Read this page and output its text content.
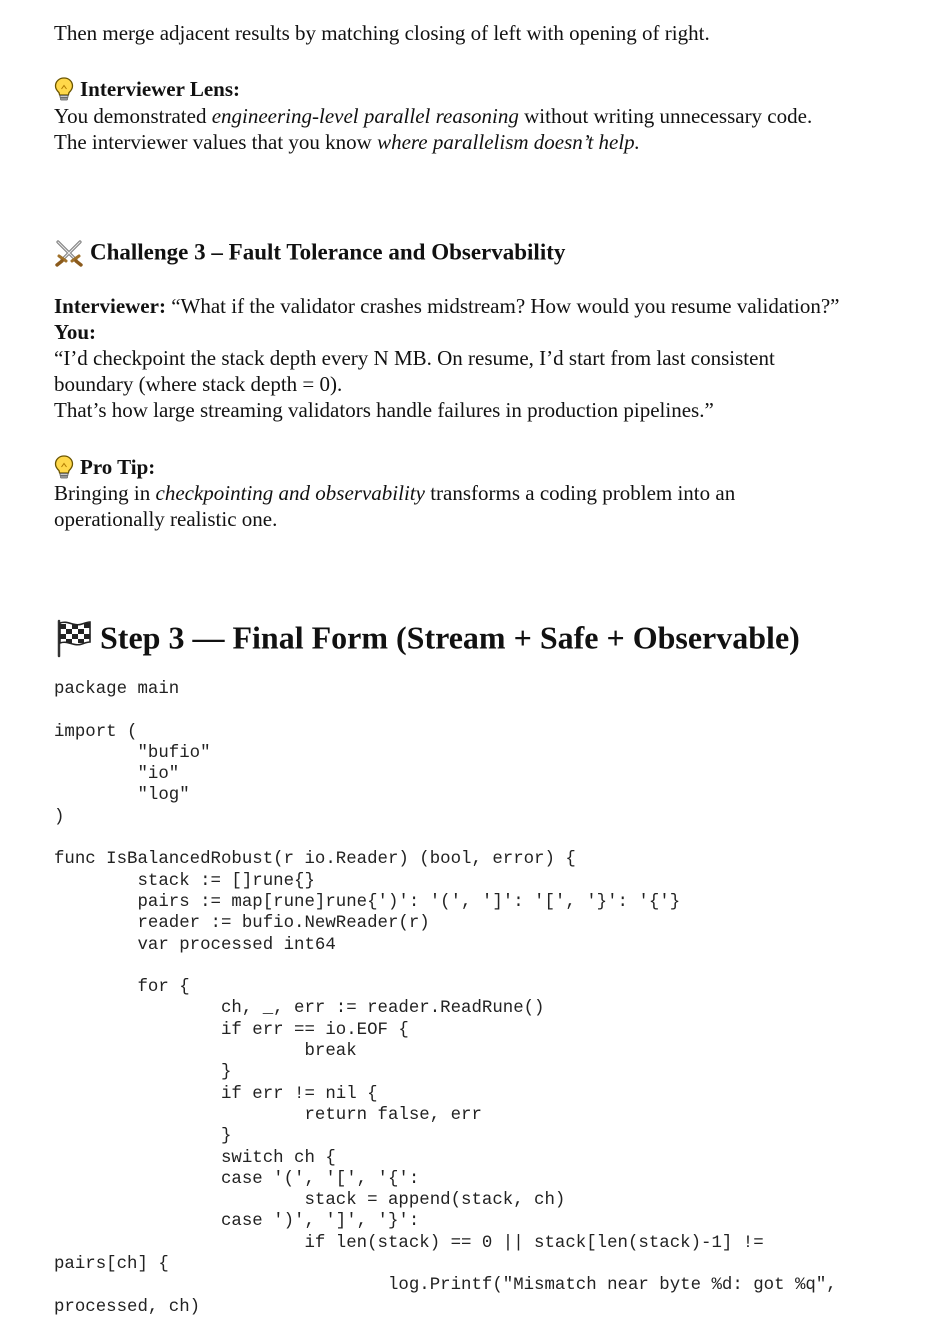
Then merge adjacent results by matching closing of left with opening of right.

Interviewer Lens:

You demonstrated engineering-level parallel reasoning without writing unnecessary code.
The interviewer values that you know where parallelism doesn’t help.
Challenge 3 – Fault Tolerance and Observability
Interviewer: “What if the validator crashes midstream? How would you resume validation?”
You:
“I’d checkpoint the stack depth every N MB. On resume, I’d start from last consistent
boundary (where stack depth = 0).
That’s how large streaming validators handle failures in production pipelines.”

Pro Tip:

Bringing in checkpointing and observability transforms a coding problem into an
operationally realistic one.
Step 3 — Final Form (Stream + Safe + Observable)
package main

import (
"bufio"
"io"
"log"
)

func IsBalancedRobust(r io.Reader) (bool, error) {
stack := []rune{}
pairs := map[rune]rune{')': '(', ']': '[', '}': '{'}
reader := bufio.NewReader(r)
var processed int64

for {
ch, _, err := reader.ReadRune()
if err == io.EOF {
break
}
if err != nil {
return false, err
}
switch ch {
case '(', '[', '{':
stack = append(stack, ch)
case ')', ']', '}':
if len(stack) == 0 || stack[len(stack)-1] !=
pairs[ch] {
log.Printf("Mismatch near byte %d: got %q",
processed, ch)
